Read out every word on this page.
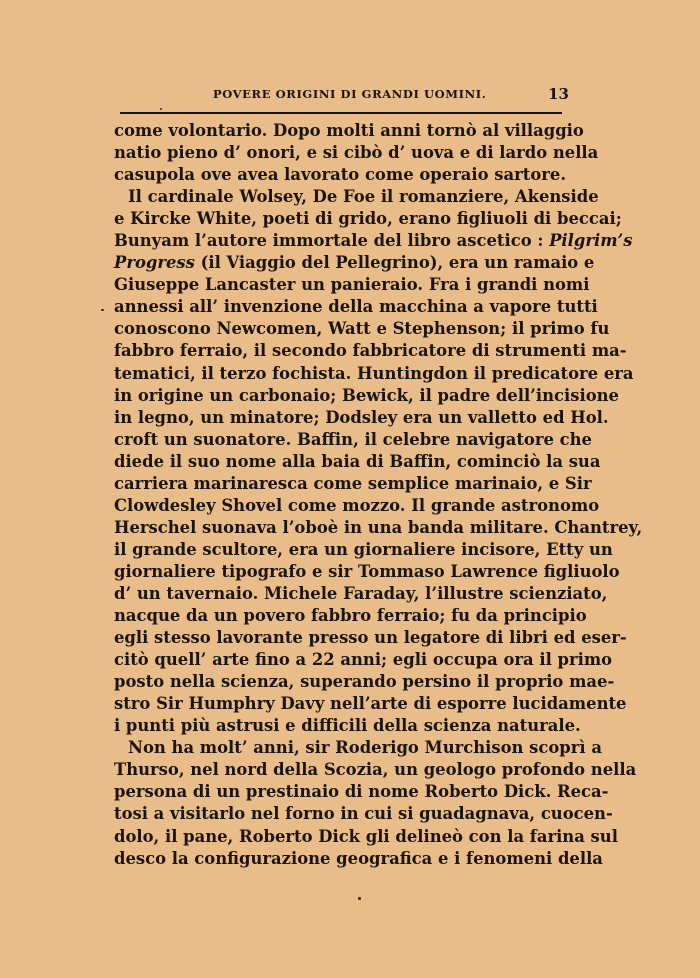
POVERE ORIGINI DI GRANDI UOMINI.	13
come volontario. Dopo molti anni tornò al villaggio
natio pieno d’ onori, e si cibò d’ uova e di lardo nella
casupola ove avea lavorato come operaio sartore.
Il cardinale Wolsey, De Foe il romanziere, Akenside
e Kircke White, poeti di grido, erano figliuoli di beccai;
Bunyam l’autore immortale del libro ascetico : Pilgrim’s
Progress (il Viaggio del Pellegrino), era un ramaio e
Giuseppe Lancaster un panieraio. Fra i grandi nomi
annessi all’ invenzione della macchina a vapore tutti
conoscono Newcomen, Watt e Stephenson; il primo fu
fabbro ferraio, il secondo fabbricatore di strumenti ma-
tematici, il terzo fochista. Huntingdon il predicatore era
in origine un carbonaio; Bewick, il padre dell’incisione
in legno, un minatore; Dodsley era un valletto ed Hol.
croft un suonatore. Baffin, il celebre navigatore che
diede il suo nome alla baia di Baffin, cominciò la sua
carriera marinaresca come semplice marinaio, e Sir
Clowdesley Shovel come mozzo. Il grande astronomo
Herschel suonava l’oboè in una banda militare. Chantrey,
il grande scultore, era un giornaliere incisore, Etty un
giornaliere tipografo e sir Tommaso Lawrence figliuolo
d’ un tavernaio. Michele Faraday, l’illustre scienziato,
nacque da un povero fabbro ferraio; fu da principio
egli stesso lavorante presso un legatore di libri ed eser-
citò quell’ arte fino a 22 anni; egli occupa ora il primo
posto nella scienza, superando persino il proprio mae-
stro Sir Humphry Davy nell’arte di esporre lucidamente
i punti più astrusi e difficili della scienza naturale.
Non ha molt’ anni, sir Roderigo Murchison scoprì a
Thurso, nel nord della Scozia, un geologo profondo nella
persona di un prestinaio di nome Roberto Dick. Reca-
tosi a visitarlo nel forno in cui si guadagnava, cuocen-
dolo, il pane, Roberto Dick gli delineò con la farina sul
desco la configurazione geografica e i fenomeni della
